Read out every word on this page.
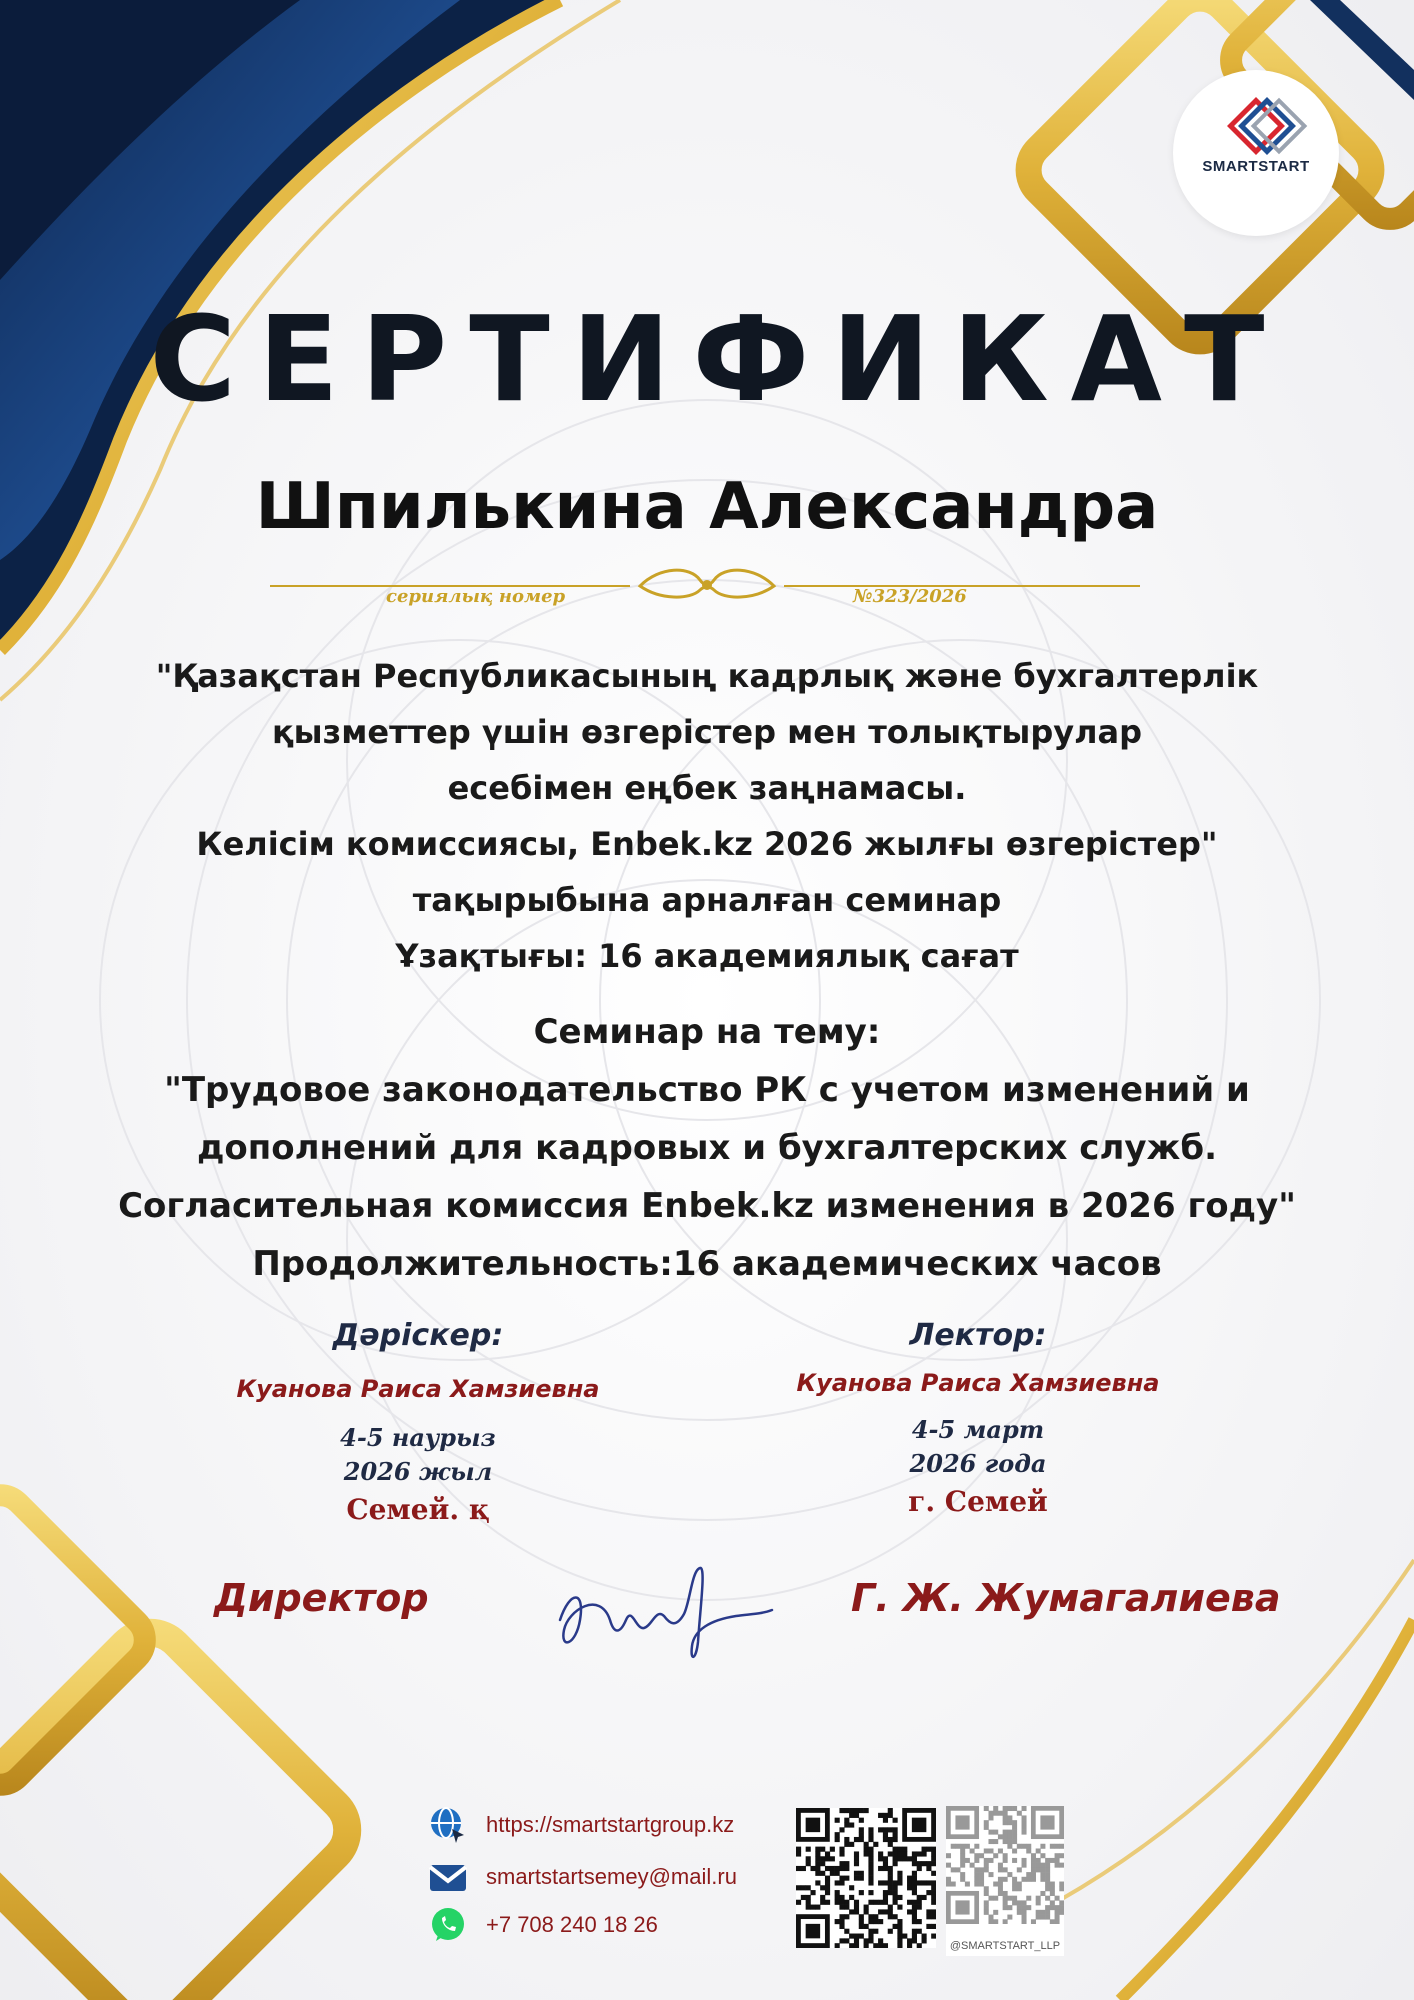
SMARTSTART
СЕРТИФИКАТ
Шпилькина Александра
сериялық номер	№323/2026
"Қазақстан Республикасының кадрлық және бухгалтерлік
қызметтер үшін өзгерістер мен толықтырулар
есебімен еңбек заңнамасы.
Келісім комиссиясы, Enbek.kz 2026 жылғы өзгерістер"
тақырыбына арналған семинар
Ұзақтығы: 16 академиялық сағат
Семинар на тему:
"Трудовое законодательство РК с учетом изменений и
дополнений для кадровых и бухгалтерских служб.
Согласительная комиссия Enbek.kz изменения в 2026 году"
Продолжительность:16 академических часов
Дәрiскер:
Куанова Раиса Хамзиевна
4-5 наурыз
2026 жыл
Семей. қ
Лектор:
Куанова Раиса Хамзиевна
4-5 март
2026 года
г. Семей
Директор	Г. Ж. Жумагалиева
https://smartstartgroup.kz
smartstartsemey@mail.ru
+7 708 240 18 26
@SMARTSTART_LLP
